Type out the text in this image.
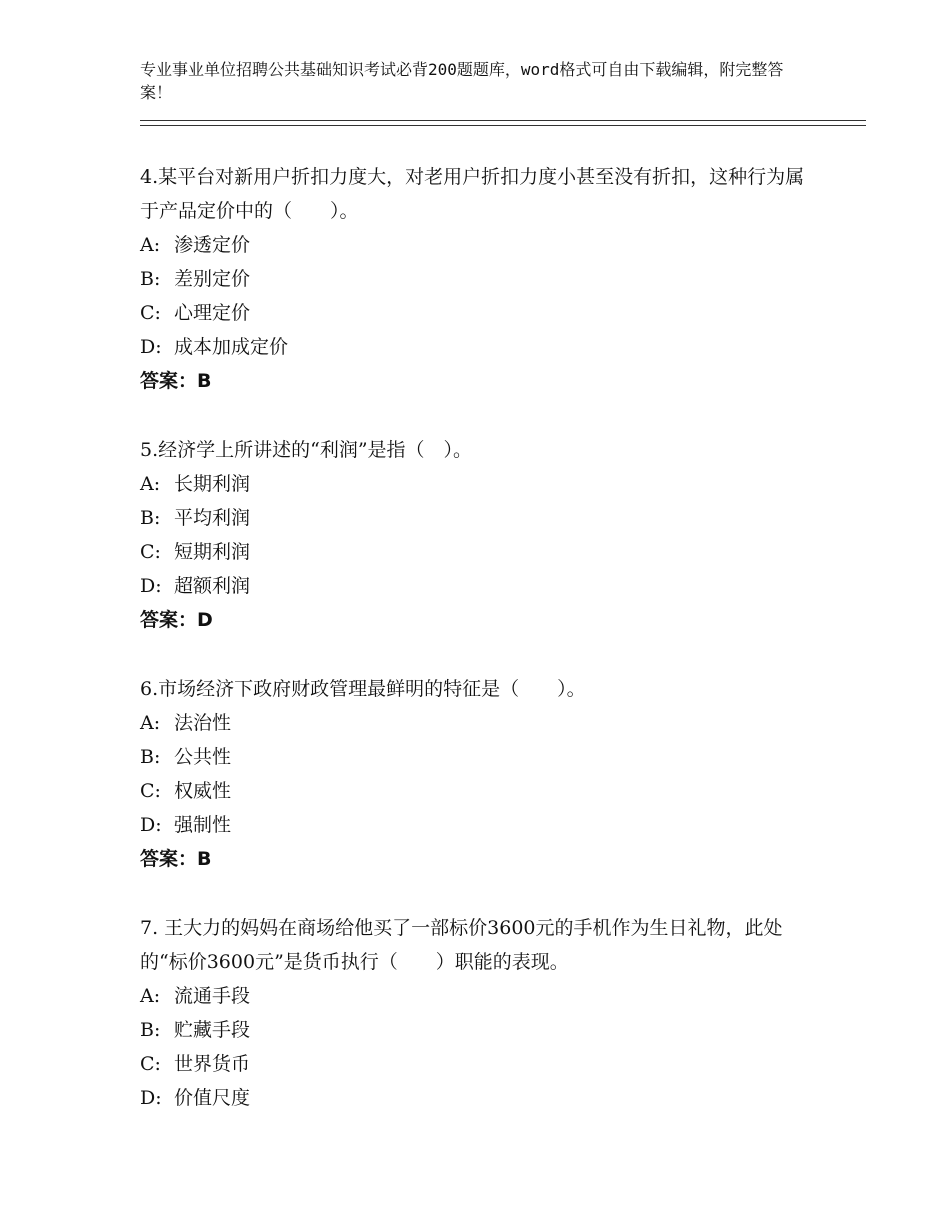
专业事业单位招聘公共基础知识考试必背200题题库，word格式可自由下载编辑，附完整答案！

4.某平台对新用户折扣力度大，对老用户折扣力度小甚至没有折扣，这种行为属于产品定价中的（　　）。

A: 渗透定价

B: 差别定价

C: 心理定价

D: 成本加成定价

答案：B

5.经济学上所讲述的“利润”是指（　）。

A: 长期利润

B: 平均利润

C: 短期利润

D: 超额利润

答案：D

6.市场经济下政府财政管理最鲜明的特征是（　　）。

A: 法治性

B: 公共性

C: 权威性

D: 强制性

答案：B

7. 王大力的妈妈在商场给他买了一部标价3600元的手机作为生日礼物，此处的“标价3600元”是货币执行（　　）职能的表现。

A: 流通手段

B: 贮藏手段

C: 世界货币

D: 价值尺度
